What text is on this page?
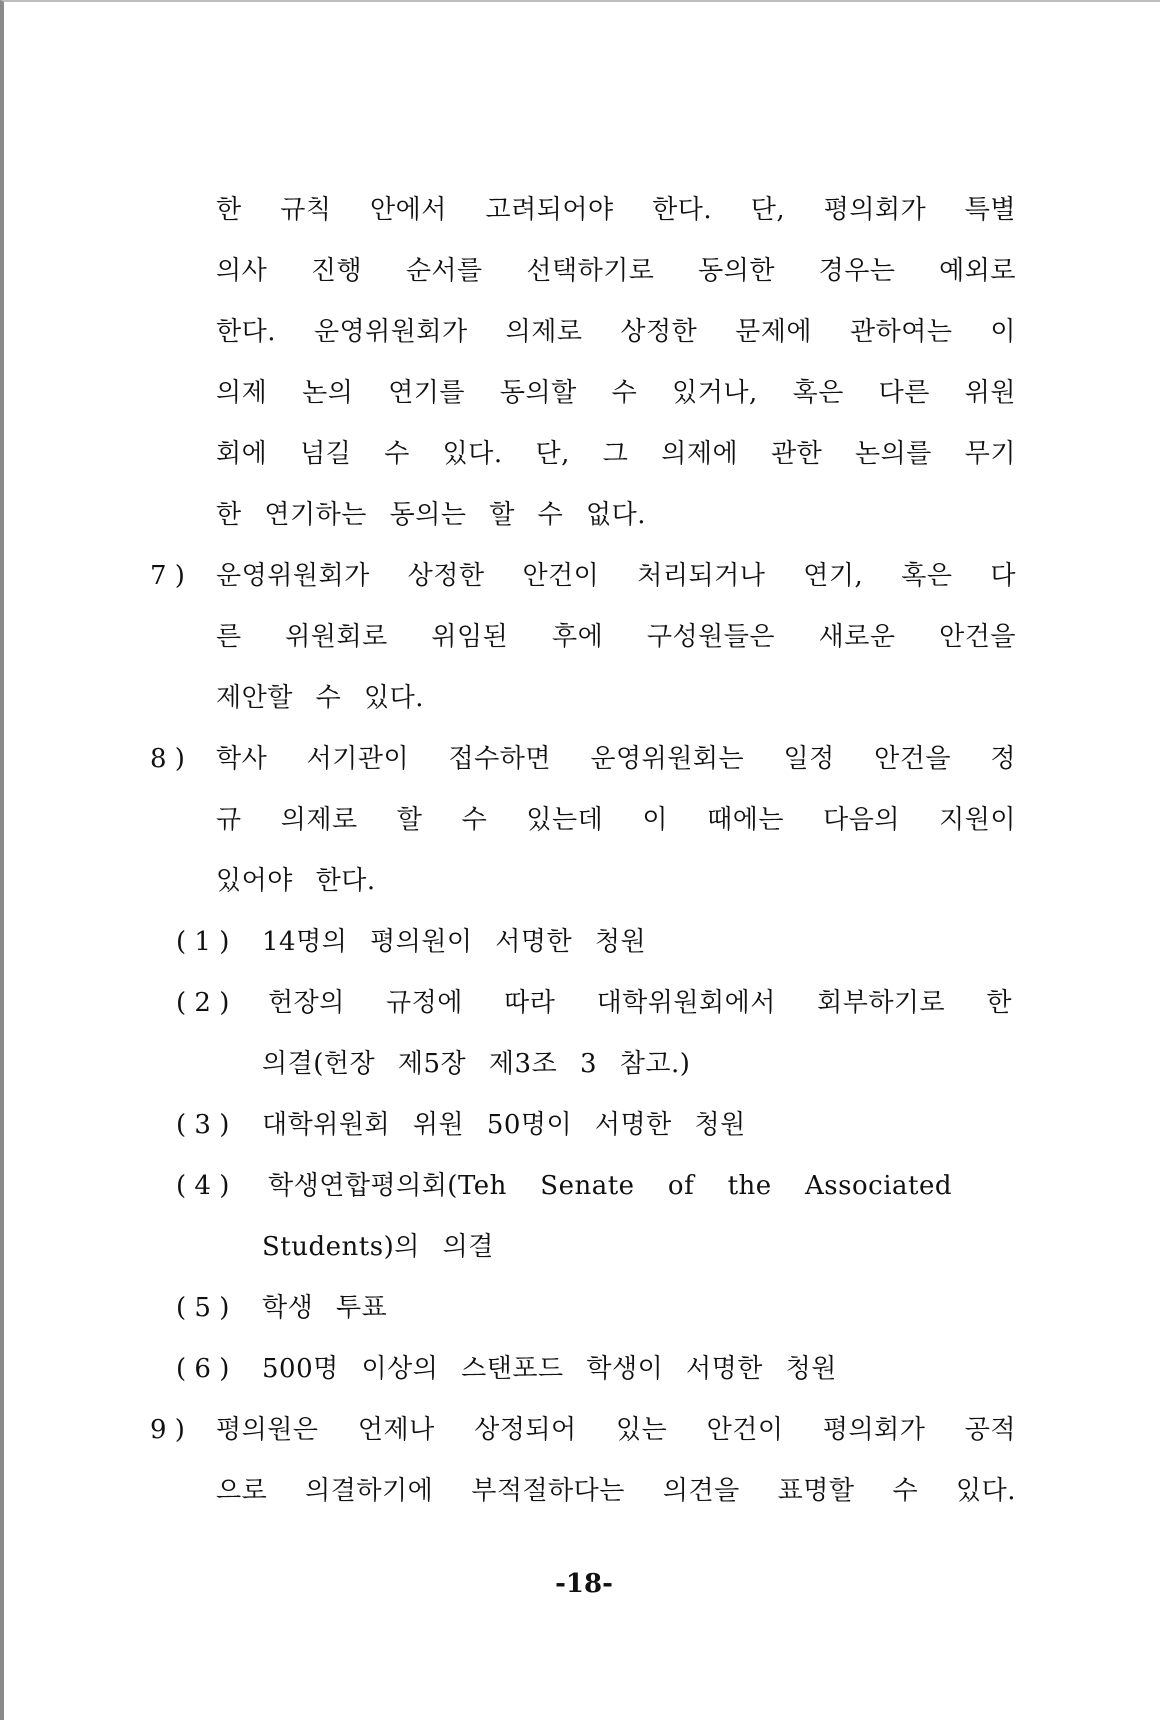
한 규칙 안에서 고려되어야 한다. 단, 평의회가 특별
의사 진행 순서를 선택하기로 동의한 경우는 예외로
한다. 운영위원회가 의제로 상정한 문제에 관하여는 이
의제 논의 연기를 동의할 수 있거나, 혹은 다른 위원
회에 넘길 수 있다. 단, 그 의제에 관한 논의를 무기
한 연기하는 동의는 할 수 없다.
7 ) 운영위원회가 상정한 안건이 처리되거나 연기, 혹은 다
른 위원회로 위임된 후에 구성원들은 새로운 안건을
제안할 수 있다.
8 ) 학사 서기관이 접수하면 운영위원회는 일정 안건을 정
규 의제로 할 수 있는데 이 때에는 다음의 지원이
있어야 한다.
( 1 ) 14명의 평의원이 서명한 청원
( 2 ) 헌장의 규정에 따라 대학위원회에서 회부하기로 한
의결(헌장 제5장 제3조 3 참고.)
( 3 ) 대학위원회 위원 50명이 서명한 청원
( 4 ) 학생연합평의회(Teh Senate of the Associated
Students)의 의결
( 5 ) 학생 투표
( 6 ) 500명 이상의 스탠포드 학생이 서명한 청원
9 ) 평의원은 언제나 상정되어 있는 안건이 평의회가 공적
으로 의결하기에 부적절하다는 의견을 표명할 수 있다.
-18-
